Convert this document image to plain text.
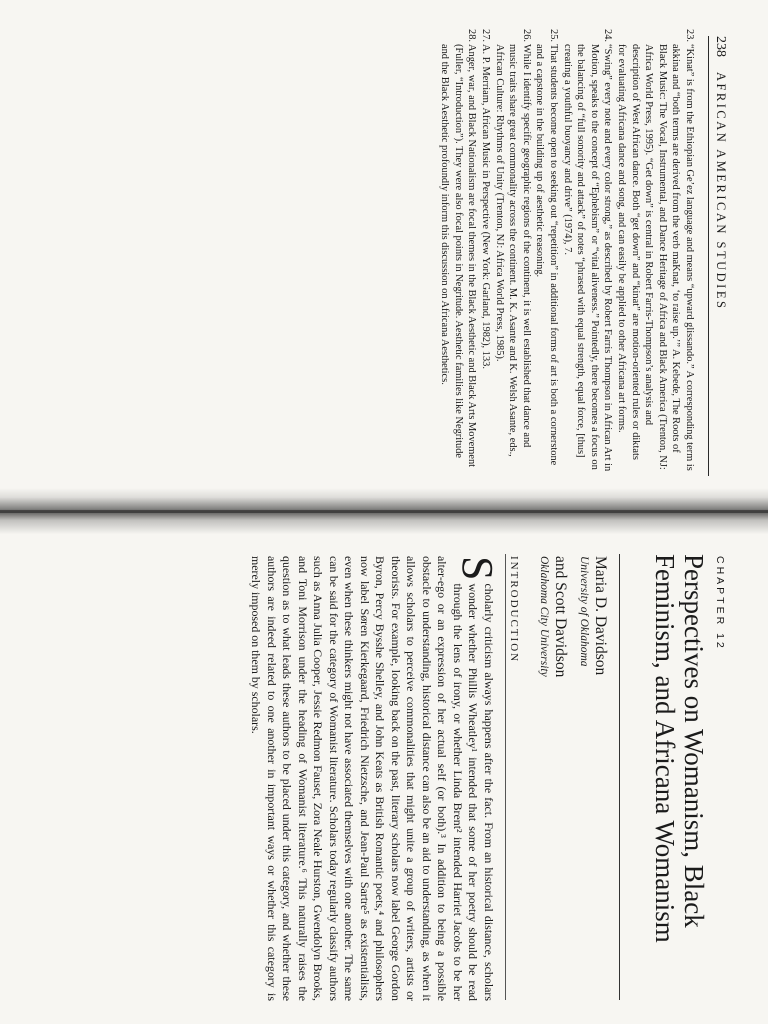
238 AFRICAN AMERICAN STUDIES
23.
“Kinat” is from the Ethiopian Ge’ez language and means “upward glissando.” A corresponding term is akkina and “both terms are derived from the verb maKnat, ‘to raise up.’” A. Kebede, The Roots of Black Music: The Vocal, Instrumental, and Dance Heritage of Africa and Black America (Trenton, NJ: Africa World Press, 1995). “Get down” is central in Robert Farris-Thompson’s analysis and description of West African dance. Both “get down” and “kinat” are motion-oriented rules or diktats for evaluating Africana dance and song, and can easily be applied to other Africana art forms.
24.
“Swing” every note and every color strong,” as described by Robert Farris Thompson in African Art in Motion, speaks to the concept of “Ephebism” or “vital aliveness.” Pointedly, there becomes a focus on the balancing of “full sonority and attack” of notes “phrased with equal strength, equal force, [thus] creating a youthful buoyancy and drive” (1974), 7.
25.
That students become open to seeking out “repetition” in additional forms of art is both a cornerstone and a capstone in the building up of aesthetic reasoning.
26.
While I identify specific geographic regions of the continent, it is well established that dance and music traits share great commonality across the continent. M. K. Asante and K. Welsh Asante, eds., African Culture: Rhythms of Unity (Trenton, NJ: Africa World Press, 1985).
27.
A. P. Merriam, African Music in Perspective (New York: Garland, 1982), 133.
28.
Anger, war, and Black Nationalism are focal themes in the Black Aesthetic and Black Arts Movement (Fuller, “Introduction”). They were also focal points in Negritude. Aesthetic families like Negritude and the Black Aesthetic profoundly inform this discussion on Africana Aesthetics.
CHAPTER 12
Perspectives on Womanism, Black Feminism, and Africana Womanism
Maria D. Davidson
University of Oklahoma
and Scott Davidson
Oklahoma City University
INTRODUCTION

S
cholarly criticism always happens after the fact. From an historical distance, scholars wonder whether Phillis Wheatley¹ intended that some of her poetry should be read through the lens of irony, or whether Linda Brent² intended Harriet Jacobs to be her alter-ego or an expression of her actual self (or both).³ In addition to being a possible obstacle to understanding, historical distance can also be an aid to understanding, as when it allows scholars to perceive commonalities that might unite a group of writers, artists or theorists. For example, looking back on the past, literary scholars now label George Gordon Byron, Percy Bysshe Shelley, and John Keats as British Romantic poets,⁴ and philosophers now label Søren Kierkegaard, Friedrich Nietzsche, and Jean-Paul Sartre⁵ as existentialists, even when these thinkers might not have associated themselves with one another. The same can be said for the category of Womanist literature. Scholars today regularly classify authors such as Anna Julia Cooper, Jessie Redmon Fauset, Zora Neale Hurston, Gwendolyn Brooks, and Toni Morrison under the heading of Womanist literature.⁶ This naturally raises the question as to what leads these authors to be placed under this category, and whether these authors are indeed related to one another in important ways or whether this category is merely imposed on them by scholars.
